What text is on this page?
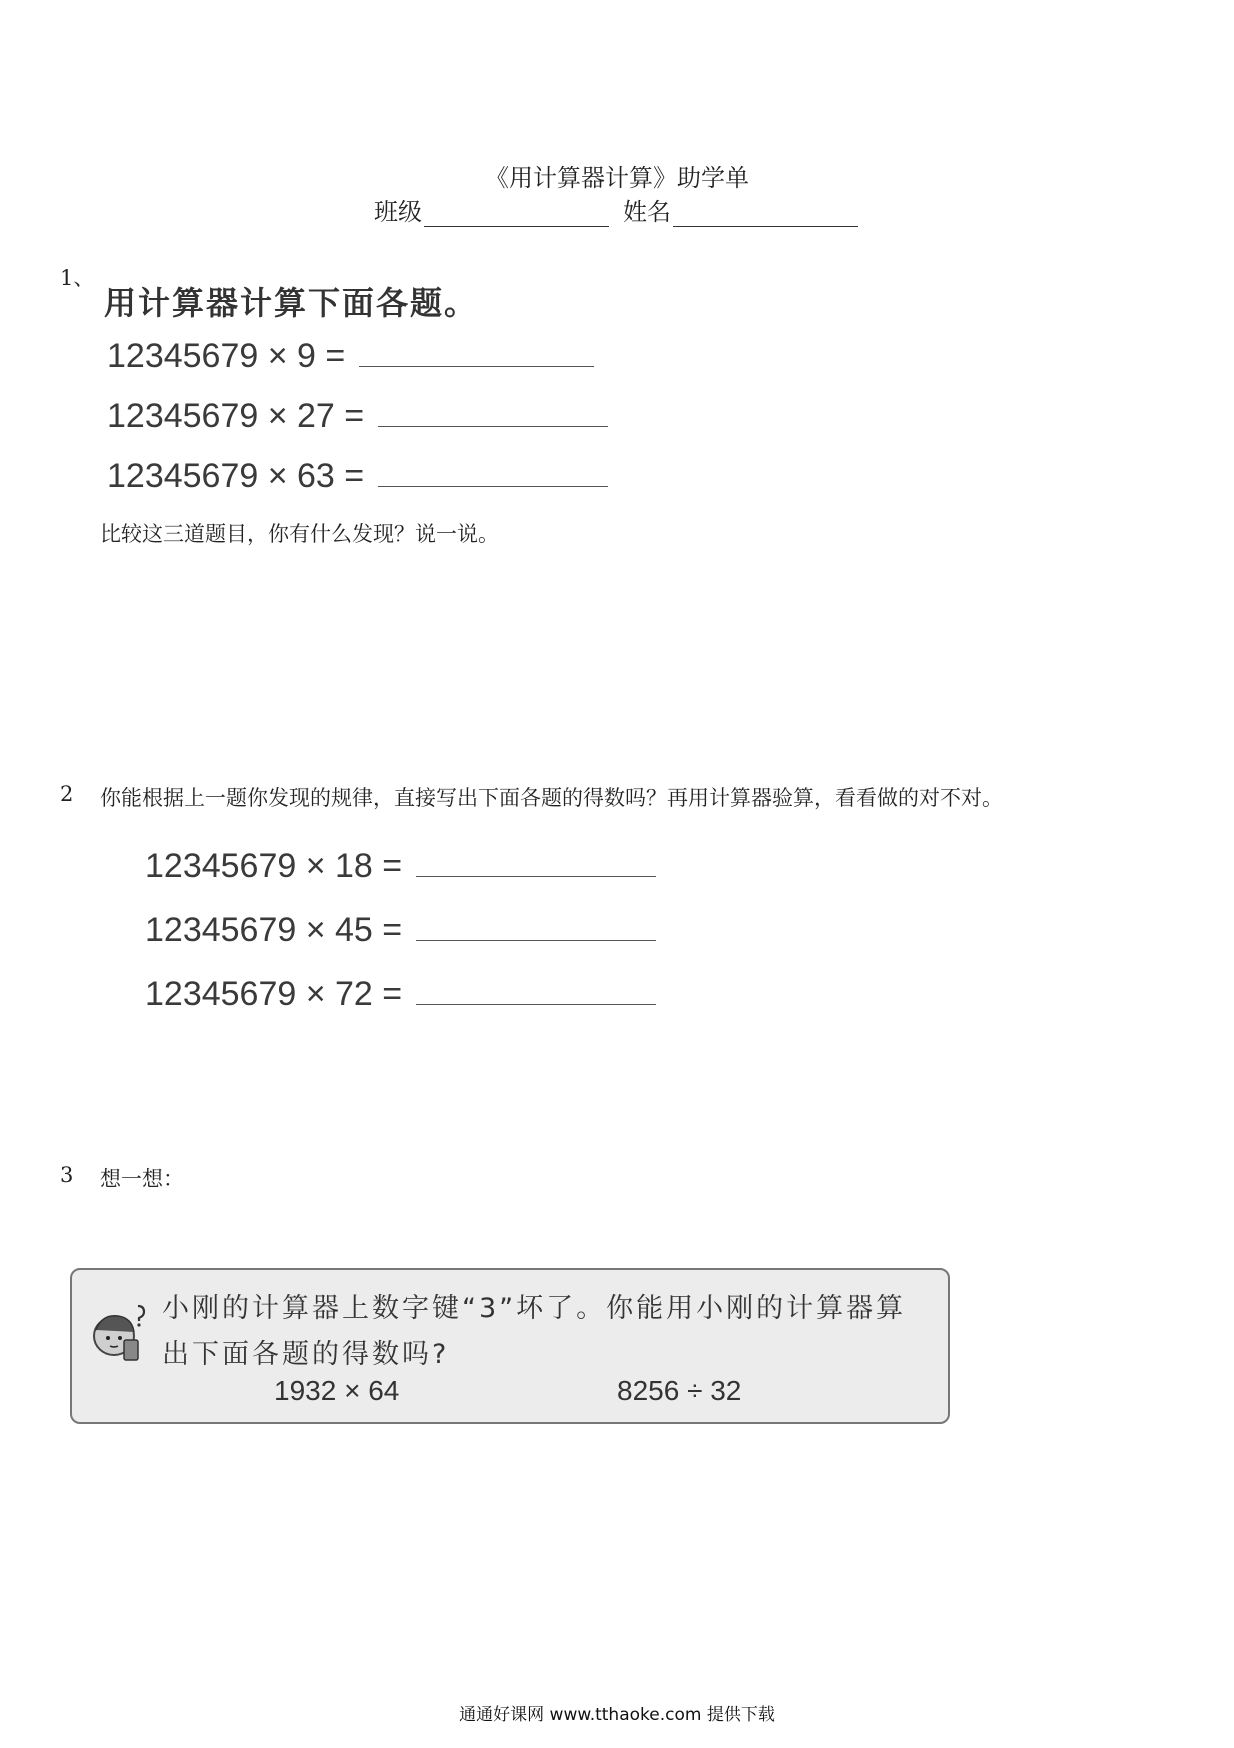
《用计算器计算》助学单
班级	姓名
1、
用计算器计算下面各题。
12345679 × 9 =
12345679 × 27 =
12345679 × 63 =
比较这三道题目，你有什么发现？说一说。
2	你能根据上一题你发现的规律，直接写出下面各题的得数吗？再用计算器验算，看看做的对不对。
12345679 × 18 =
12345679 × 45 =
12345679 × 72 =
3	想一想：
小刚的计算器上数字键“3”坏了。你能用小刚的计算器算出下面各题的得数吗?
1932 × 64	8256 ÷ 32
通通好课网 www.tthaoke.com 提供下载
